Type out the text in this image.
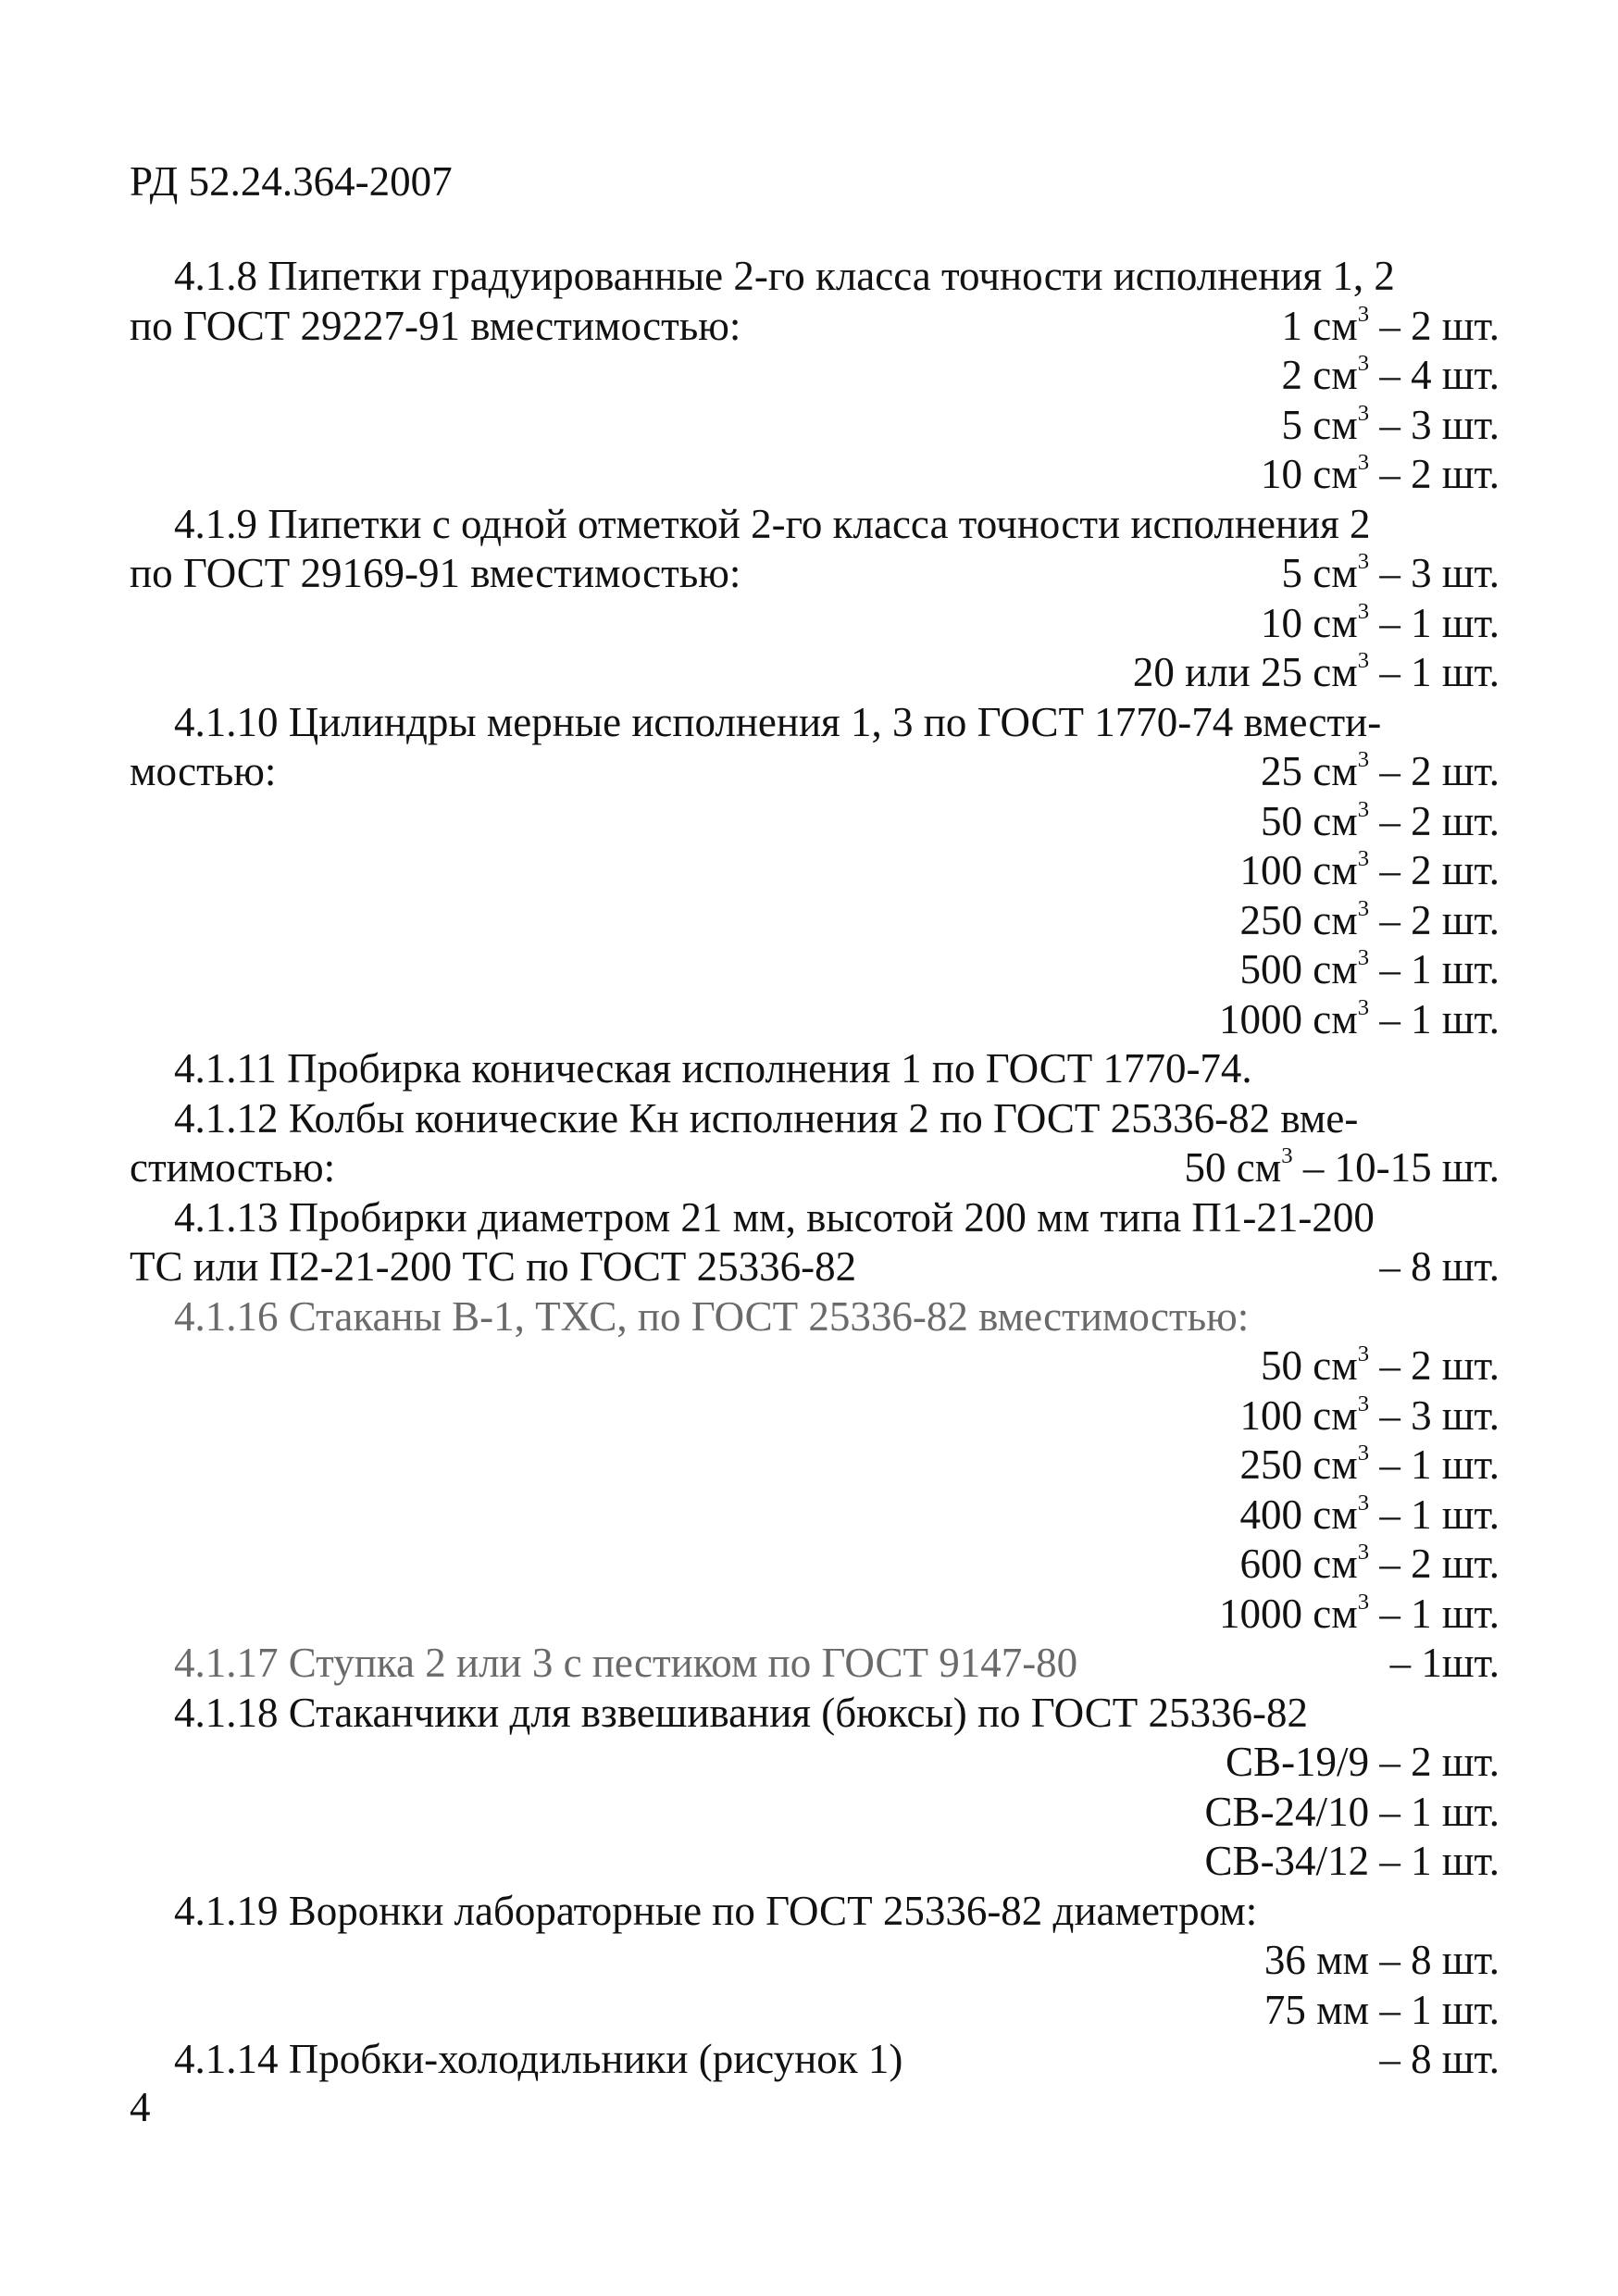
РД 52.24.364-2007
4.1.8 Пипетки градуированные 2-го класса точности исполнения 1, 2
по ГОСТ 29227-91 вместимостью:	1 $см^3 - 2$ шт.
2 $см^3 - 4$ шт.
5 $см^3 - 3$ шт.
10 $см^3 - 2$ шт.
4.1.9 Пипетки с одной отметкой 2-го класса точности исполнения 2
по ГОСТ 29169-91 вместимостью:	5 $см^3 - 3$ шт.
10 $см^3 - 1$ шт.
20 или 25 $см^3 - 1$ шт.
4.1.10 Цилиндры мерные исполнения 1, 3 по ГОСТ 1770-74 вмести-
мостью:	25 $см^3 - 2$ шт.
50 $см^3 - 2$ шт.
100 $см^3 - 2$ шт.
250 $см^3 - 2$ шт.
500 $см^3 - 1$ шт.
1000 $см^3 - 1$ шт.
4.1.11 Пробирка коническая исполнения 1 по ГОСТ 1770-74.
4.1.12 Колбы конические Кн исполнения 2 по ГОСТ 25336-82 вме-
стимостью:	50 $см^3 - 10-15$ шт.
4.1.13 Пробирки диаметром 21 мм, высотой 200 мм типа П1-21-200
ТС или П2-21-200 ТС по ГОСТ 25336-82	– 8 шт.
4.1.16 Стаканы В-1, ТХС, по ГОСТ 25336-82 вместимостью:
50 $см^3 - 2$ шт.
100 $см^3 - 3$ шт.
250 $см^3 - 1$ шт.
400 $см^3 - 1$ шт.
600 $см^3 - 2$ шт.
1000 $см^3 - 1$ шт.
4.1.17 Ступка 2 или 3 с пестиком по ГОСТ 9147-80	– 1шт.
4.1.18 Стаканчики для взвешивания (бюксы) по ГОСТ 25336-82
СВ-19/9 – 2 шт.
СВ-24/10 – 1 шт.
СВ-34/12 – 1 шт.
4.1.19 Воронки лабораторные по ГОСТ 25336-82 диаметром:
36 мм – 8 шт.
75 мм – 1 шт.
4.1.14 Пробки-холодильники (рисунок 1)	– 8 шт.
4
